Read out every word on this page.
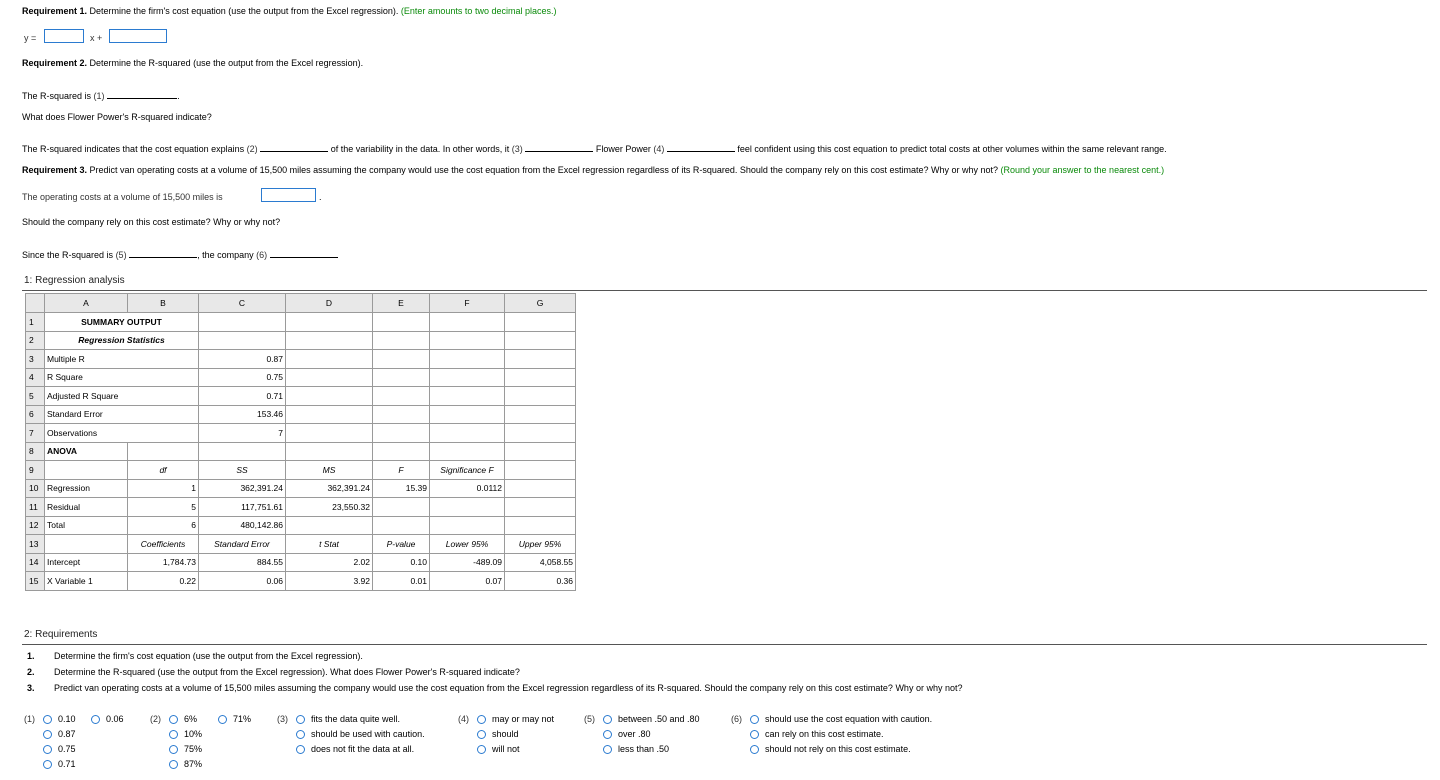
Requirement 1. Determine the firm's cost equation (use the output from the Excel regression). (Enter amounts to two decimal places.)
y =	x +
Requirement 2. Determine the R-squared (use the output from the Excel regression).
The R-squared is (1)	.
What does Flower Power's R-squared indicate?
The R-squared indicates that the cost equation explains (2)	of the variability in the data. In other words, it (3)	Flower Power (4)	feel confident using this cost equation to predict total costs at other volumes within the same relevant range.
Requirement 3. Predict van operating costs at a volume of 15,500 miles assuming the company would use the cost equation from the Excel regression regardless of its R-squared. Should the company rely on this cost estimate? Why or why not? (Round your answer to the nearest cent.)
The operating costs at a volume of 15,500 miles is	.
Should the company rely on this cost estimate? Why or why not?
Since the R-squared is (5)	, the company (6)
1: Regression analysis
	A	B	C	D	E	F	G
1	SUMMARY OUTPUT						
2	Regression Statistics						
3	Multiple R		0.87				
4	R Square		0.75				
5	Adjusted R Square		0.71				
6	Standard Error		153.46				
7	Observations		7				
8	ANOVA						
9		df	SS	MS	F	Significance F	
10	Regression	1	362,391.24	362,391.24	15.39	0.0112	
11	Residual	5	117,751.61	23,550.32			
12	Total	6	480,142.86				
13		Coefficients	Standard Error	t Stat	P-value	Lower 95%	Upper 95%
14	Intercept	1,784.73	884.55	2.02	0.10	-489.09	4,058.55
15	X Variable 1	0.22	0.06	3.92	0.01	0.07	0.36
2: Requirements
1. Determine the firm's cost equation (use the output from the Excel regression).
2. Determine the R-squared (use the output from the Excel regression). What does Flower Power's R-squared indicate?
3. Predict van operating costs at a volume of 15,500 miles assuming the company would use the cost equation from the Excel regression regardless of its R-squared. Should the company rely on this cost estimate? Why or why not?
(1)	0.10	0.06
0.87
0.75
0.71
(2)	6%	71%
10%
75%
87%
(3)	fits the data quite well.
should be used with caution.
does not fit the data at all.
(4)	may or may not
should
will not
(5)	between .50 and .80
over .80
less than .50
(6)	should use the cost equation with caution.
can rely on this cost estimate.
should not rely on this cost estimate.
